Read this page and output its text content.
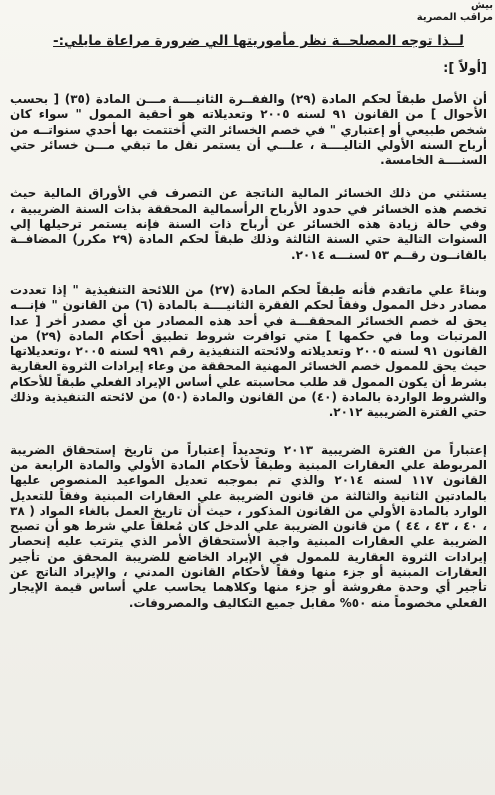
بيش
مراقب المصرية
لــذا توجه المصلحــة نظر مأموريتها الي ضرورة مراعاة مايلي:-
[أولاً ]:

أن الأصل طبقاً لحكم المادة (٢٩) والفقــرة الثانيــــة مـــن المادة (٣٥) [ بحسب الأحوال ] من القانون ٩١ لسنه ٢٠٠٥ وتعديلاته هو أحقية الممول " سواء كان شخص طبيعي أو إعتباري " في خصم الخسائر التي أختتمت بها أحدي سنواتــه من أرباح السنه الأولي التاليــــة ، علـــي أن يستمر نقل ما تبقي مـــن خسائر حتي السنــــة الخامسة.

يستثني من ذلك الخسائر المالية الناتجة عن التصرف في الأوراق المالية حيث تخصم هذه الخسائر في حدود الأرباح الرأسمالية المحققة بذات السنة الضريبية ، وفي حالة زيادة هذه الخسائر عن أرباح ذات السنة فإنه يستمر ترحيلها إلي السنوات التالية حتي السنة الثالثة وذلك طبقاً لحكم المادة (٢٩ مكرر) المضافــة بالقانــون رقــم ٥٣ لسنـــه ٢٠١٤.

وبناءً علي ماتقدم فأنه طبقاً لحكم المادة (٢٧) من اللائحة التنفيذية " إذا تعددت مصادر دخل الممول وفقاً لحكم الفقرة الثانيــــة بالمادة (٦) من القانون " فإنـــه يحق له خصم الخسائر المحققـــة في أحد هذه المصادر من أي مصدر أخر [ عدا المرتبات وما في حكمها ] متي توافرت شروط تطبيق أحكام المادة (٢٩) من القانون ٩١ لسنه ٢٠٠٥ وتعديلاته ولائحته التنفيذية رقم ٩٩١ لسنه ٢٠٠٥ ،وتعديلاتها حيث يحق للممول خصم الخسائر المهنية المحققة من وعاء إيرادات الثروة العقارية بشرط أن يكون الممول قد طلب محاسبته علي أساس الإيراد الفعلي طبقاً للأحكام والشروط الواردة بالمادة (٤٠) من القانون والمادة (٥٠) من لائحته التنفيذية وذلك حتي الفترة الضريبية ٢٠١٢.

إعتباراً من الفترة الضريبية ٢٠١٣ وتحديداً إعتباراً من تاريخ إستحقاق الضريبة المربوطة علي العقارات المبنية وطبقاً لأحكام المادة الأولي والمادة الرابعة من القانون ١١٧ لسنه ٢٠١٤ والذي تم بموجبه تعديل المواعيد المنصوص عليها بالمادتين الثانية والثالثة من قانون الضريبة علي العقارات المبنية وفقاً للتعديل الوارد بالمادة الأولي من القانون المذكور ، حيث أن تاريخ العمل بالغاء المواد ( ٣٨ ، ٤٠ ، ٤٣ ، ٤٤ ) من قانون الضريبة علي الدخل كان مُعلقاً علي شرط هو أن تصبح الضريبة علي العقارات المبنية واجبة الأستحقاق الأمر الذي يترتب عليه إنحصار إيرادات الثروة العقارية للممول في الإيراد الخاضع للضريبة المحقق من تأجير العقارات المبنية أو جزء منها وفقاً لأحكام القانون المدني ، والإيراد الناتج عن تأجير أي وحدة مفروشة أو جزء منها وكلاهما يحاسب علي أساس قيمة الإيجار الفعلي مخصوماً منه ٥٠% مقابل جميع التكاليف والمصروفات.
